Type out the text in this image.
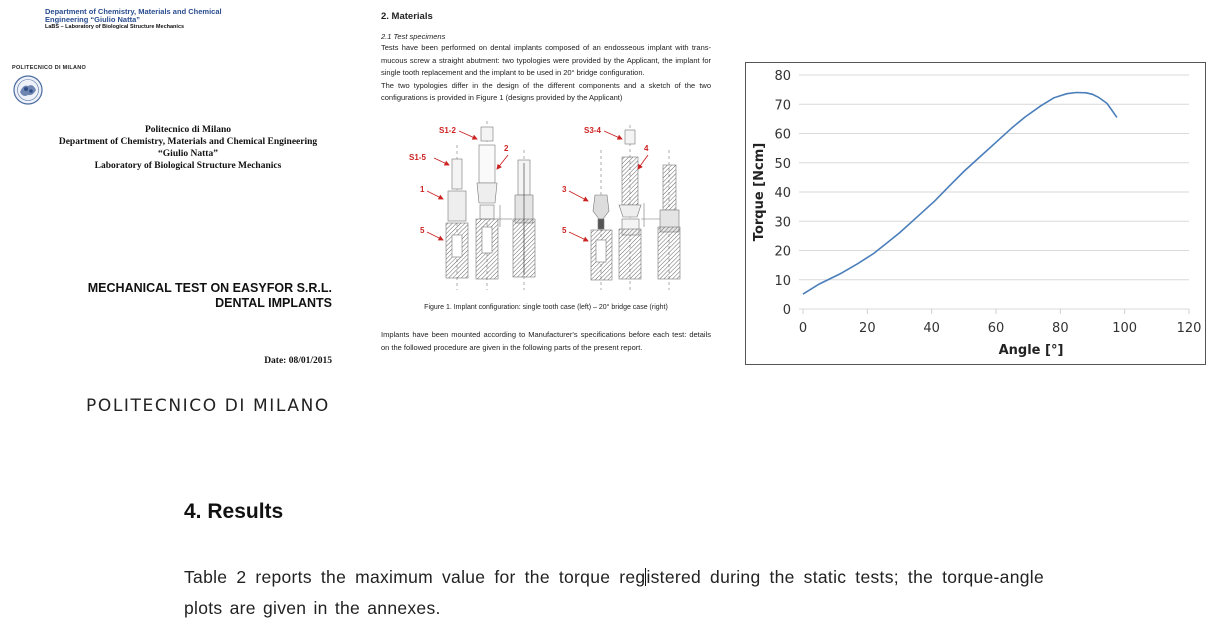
Department of Chemistry, Materials and Chemical
Engineering “Giulio Natta”
LaBS – Laboratory of Biological Structure Mechanics
POLITECNICO DI MILANO
Politecnico di Milano
Department of Chemistry, Materials and Chemical Engineering
“Giulio Natta”
Laboratory of Biological Structure Mechanics
MECHANICAL TEST ON EASYFOR S.R.L.
DENTAL IMPLANTS
Date: 08/01/2015
POLITECNICO DI MILANO
2. Materials
2.1 Test specimens
Tests have been performed on dental implants composed of an endosseous implant with trans-mucous screw a straight abutment: two typologies were provided by the Applicant, the implant for single tooth replacement and the implant to be used in 20° bridge configuration.
The two typologies differ in the design of the different components and a sketch of the two configurations is provided in Figure 1 (designs provided by the Applicant)
S1-2
S1-5
2
1
5
S3-4
4
3
5
Figure 1. Implant configuration: single tooth case (left) – 20° bridge case (right)
Implants have been mounted according to Manufacturer's specifications before each test: details on the followed procedure are given in the following parts of the present report.
0	20	40	60	80	100	120
0
10
20
30
40
50
60
70
80
Angle [°]
Torque [Ncm]
4. Results
Table 2 reports the maximum value for the torque registered during the static tests; the torque-angle plots are given in the annexes.
